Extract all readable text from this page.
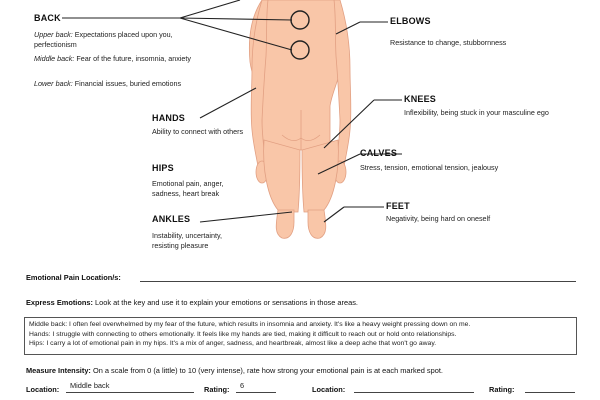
BACK
Upper back: Expectations placed upon you, perfectionism
Middle back: Fear of the future, insomnia, anxiety
Lower back: Financial issues, buried emotions
ELBOWS
Resistance to change, stubbornness
HANDS
Ability to connect with others
KNEES
Inflexibility, being stuck in your masculine ego
HIPS
Emotional pain, anger, sadness, heart break
CALVES
Stress, tension, emotional tension, jealousy
FEET
Negativity, being hard on oneself
ANKLES
Instability, uncertainty, resisting pleasure
Emotional Pain Location/s:
Express Emotions: Look at the key and use it to explain your emotions or sensations in those areas.
Middle back: I often feel overwhelmed by my fear of the future, which results in insomnia and anxiety. It's like a heavy weight pressing down on me.
Hands: I struggle with connecting to others emotionally. It feels like my hands are tied, making it difficult to reach out or hold onto relationships.
Hips: I carry a lot of emotional pain in my hips. It's a mix of anger, sadness, and heartbreak, almost like a deep ache that won't go away.
Measure Intensity: On a scale from 0 (a little) to 10 (very intense), rate how strong your emotional pain is at each marked spot.
Location: Middle back	Rating: 6	Location:	Rating:
